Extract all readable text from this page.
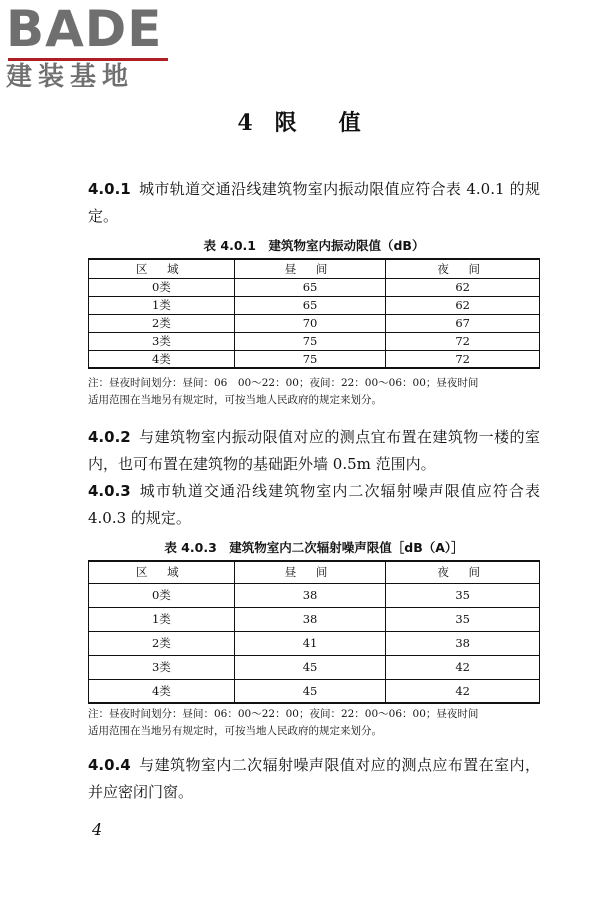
BADE
建装基地
4 限 值
4.0.1 城市轨道交通沿线建筑物室内振动限值应符合表 4.0.1 的规定。
表 4.0.1　建筑物室内振动限值（dB）
区 域	昼 间	夜 间
0类	65	62
1类	65	62
2类	70	67
3类	75	72
4类	75	72
注：昼夜时间划分：昼间：06　00～22：00；夜间：22：00～06：00；昼夜时间
适用范围在当地另有规定时，可按当地人民政府的规定来划分。
4.0.2 与建筑物室内振动限值对应的测点宜布置在建筑物一楼的室内，也可布置在建筑物的基础距外墙 0.5m 范围内。
4.0.3 城市轨道交通沿线建筑物室内二次辐射噪声限值应符合表 4.0.3 的规定。
表 4.0.3　建筑物室内二次辐射噪声限值［dB（A）］
区 域	昼 间	夜 间
0类	38	35
1类	38	35
2类	41	38
3类	45	42
4类	45	42
注：昼夜时间划分：昼间：06：00～22：00；夜间：22：00～06：00；昼夜时间
适用范围在当地另有规定时，可按当地人民政府的规定来划分。
4.0.4 与建筑物室内二次辐射噪声限值对应的测点应布置在室内，并应密闭门窗。
4
